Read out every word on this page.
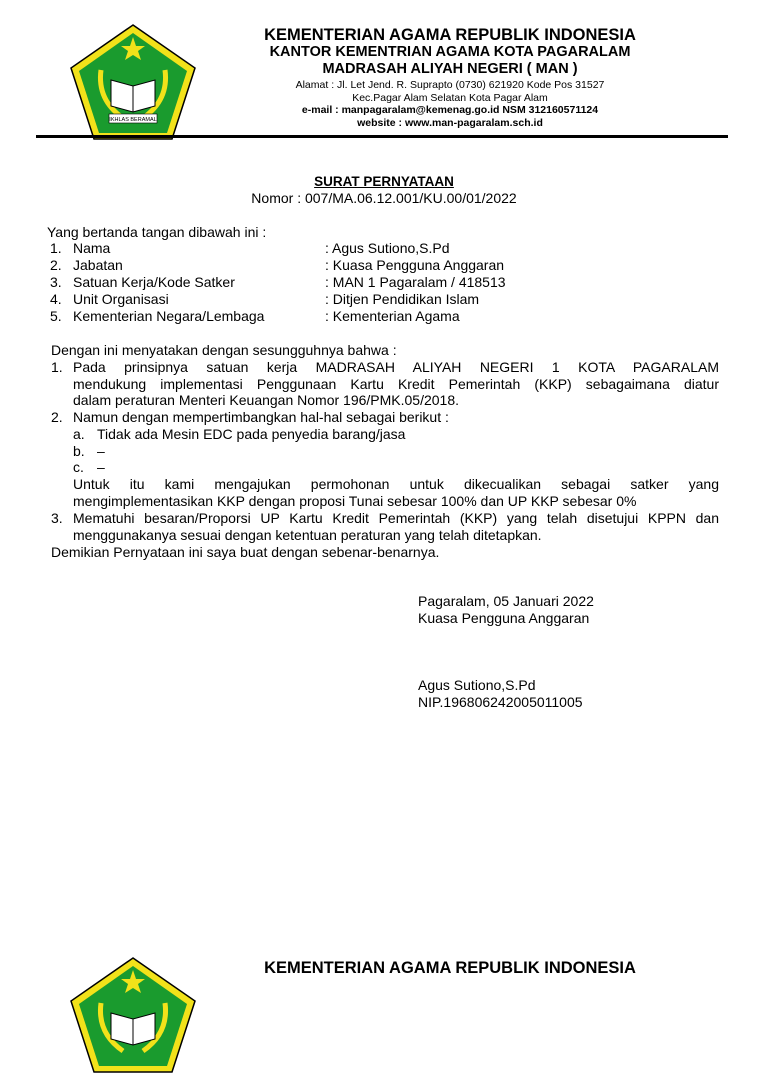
IKHLAS BERAMAL
KEMENTERIAN AGAMA REPUBLIK INDONESIA
KANTOR KEMENTRIAN AGAMA KOTA PAGARALAM
MADRASAH ALIYAH NEGERI ( MAN )
Alamat : Jl. Let Jend. R. Suprapto (0730) 621920 Kode Pos 31527
Kec.Pagar Alam Selatan Kota Pagar Alam
e-mail : manpagaralam@kemenag.go.id NSM 312160571124
website : www.man-pagaralam.sch.id
SURAT PERNYATAAN
Nomor : 007/MA.06.12.001/KU.00/01/2022
Yang bertanda tangan dibawah ini :
1. Nama	: Agus Sutiono,S.Pd
2. Jabatan	: Kuasa Pengguna Anggaran
3. Satuan Kerja/Kode Satker	: MAN 1 Pagaralam / 418513
4. Unit Organisasi	: Ditjen Pendidikan Islam
5. Kementerian Negara/Lembaga	: Kementerian Agama
Dengan ini menyatakan dengan sesungguhnya bahwa :
1. Pada prinsipnya satuan kerja MADRASAH ALIYAH NEGERI 1 KOTA PAGARALAM
mendukung implementasi Penggunaan Kartu Kredit Pemerintah (KKP) sebagaimana diatur
dalam peraturan Menteri Keuangan Nomor 196/PMK.05/2018.
2. Namun dengan mempertimbangkan hal-hal sebagai berikut :
a. Tidak ada Mesin EDC pada penyedia barang/jasa
b. –
c. –
Untuk itu kami mengajukan permohonan untuk dikecualikan sebagai satker yang
mengimplementasikan KKP dengan proposi Tunai sebesar 100% dan UP KKP sebesar 0%
3. Mematuhi besaran/Proporsi UP Kartu Kredit Pemerintah (KKP) yang telah disetujui KPPN dan
menggunakanya sesuai dengan ketentuan peraturan yang telah ditetapkan.
Demikian Pernyataan ini saya buat dengan sebenar-benarnya.
Pagaralam, 05 Januari 2022
Kuasa Pengguna Anggaran
Agus Sutiono,S.Pd
NIP.196806242005011005
KEMENTERIAN AGAMA REPUBLIK INDONESIA
